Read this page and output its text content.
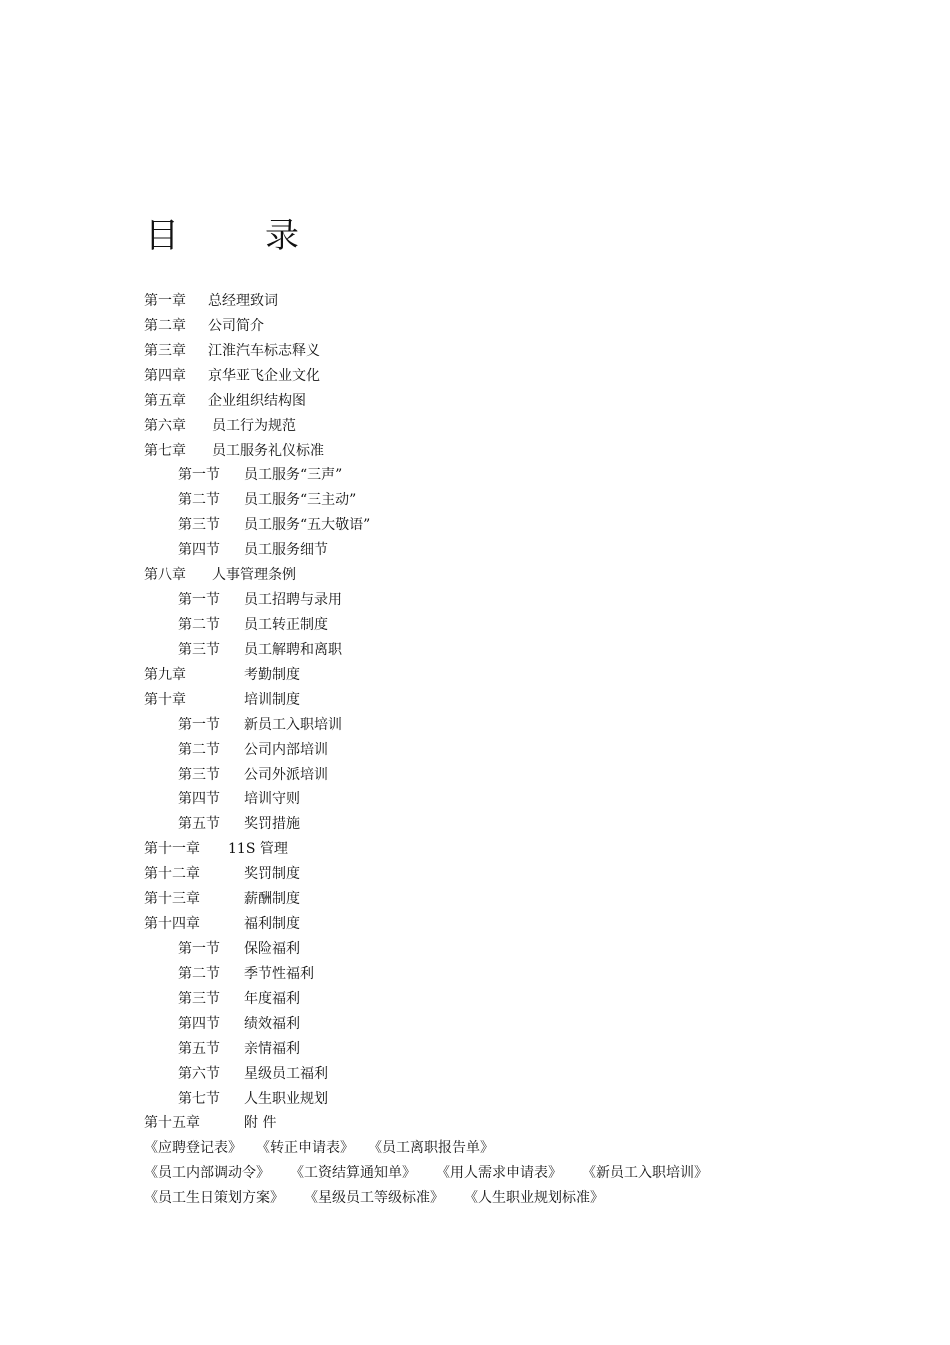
目	录
第一章 总经理致词
第二章 公司简介
第三章 江淮汽车标志释义
第四章 京华亚飞企业文化
第五章 企业组织结构图
第六章 员工行为规范
第七章 员工服务礼仪标准
第一节 员工服务“三声”
第二节 员工服务“三主动”
第三节 员工服务“五大敬语”
第四节 员工服务细节
第八章 人事管理条例
第一节 员工招聘与录用
第二节 员工转正制度
第三节 员工解聘和离职
第九章	考勤制度
第十章	培训制度
第一节 新员工入职培训
第二节 公司内部培训
第三节 公司外派培训
第四节 培训守则
第五节 奖罚措施
第十一章 11S 管理
第十二章	奖罚制度
第十三章	薪酬制度
第十四章	福利制度
第一节 保险福利
第二节 季节性福利
第三节 年度福利
第四节 绩效福利
第五节 亲情福利
第六节 星级员工福利
第七节 人生职业规划
第十五章	附 件
《应聘登记表》 《转正申请表》 《员工离职报告单》
《员工内部调动令》 《工资结算通知单》 《用人需求申请表》 《新员工入职培训》
《员工生日策划方案》 《星级员工等级标准》 《人生职业规划标准》
